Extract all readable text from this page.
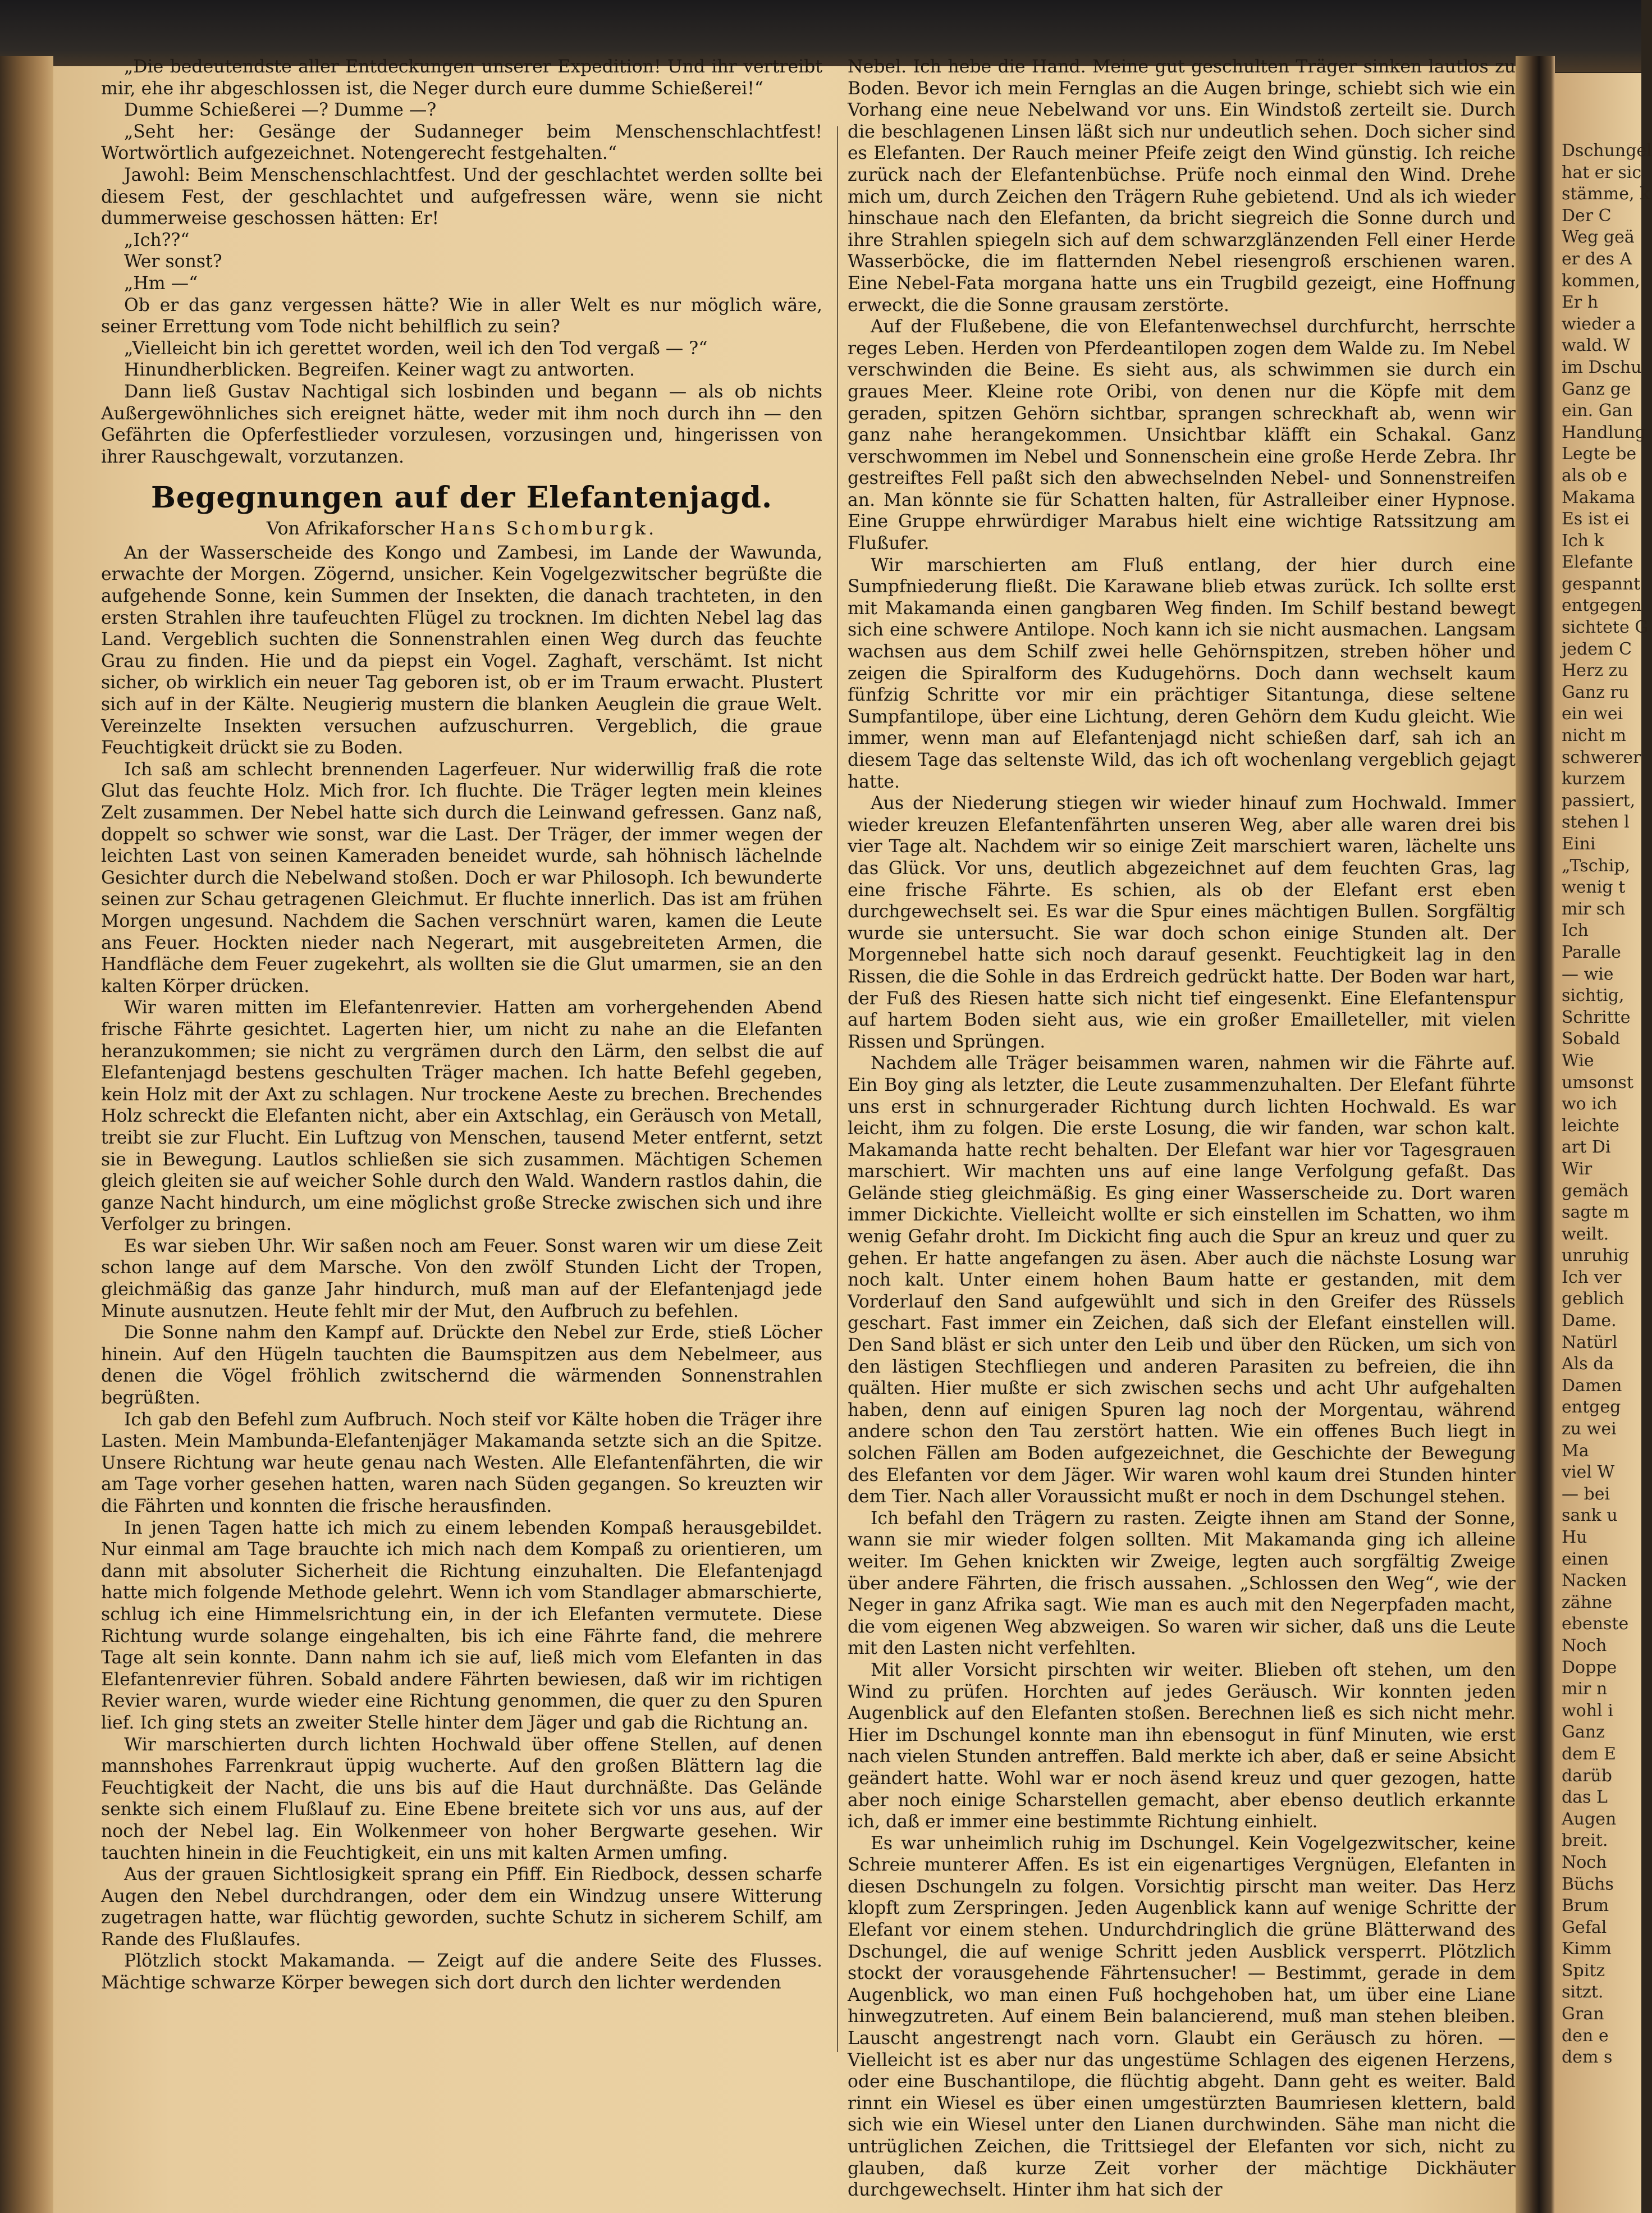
„Die bedeutendste aller Entdeckungen unserer Expedition! Und ihr vertreibt mir, ehe ihr abgeschlossen ist, die Neger durch eure dumme Schießerei!“

Dumme Schießerei —? Dumme —?

„Seht her: Gesänge der Sudanneger beim Menschenschlachtfest! Wortwörtlich aufgezeichnet. Notengerecht festgehalten.“

Jawohl: Beim Menschenschlachtfest. Und der geschlachtet werden sollte bei diesem Fest, der geschlachtet und aufgefressen wäre, wenn sie nicht dummerweise geschossen hätten: Er!

„Ich??“

Wer sonst?

„Hm —“

Ob er das ganz vergessen hätte? Wie in aller Welt es nur möglich wäre, seiner Errettung vom Tode nicht behilflich zu sein?

„Vielleicht bin ich gerettet worden, weil ich den Tod vergaß — ?“

Hinundherblicken. Begreifen. Keiner wagt zu antworten.

Dann ließ Gustav Nachtigal sich losbinden und begann — als ob nichts Außergewöhnliches sich ereignet hätte, weder mit ihm noch durch ihn — den Gefährten die Opferfestlieder vorzulesen, vorzusingen und, hingerissen von ihrer Rauschgewalt, vorzutanzen.

Begegnungen auf der Elefantenjagd.

Von Afrikaforscher Hans Schomburgk.

An der Wasserscheide des Kongo und Zambesi, im Lande der Wawunda, erwachte der Morgen. Zögernd, unsicher. Kein Vogelgezwitscher begrüßte die aufgehende Sonne, kein Summen der Insekten, die danach trachteten, in den ersten Strahlen ihre taufeuchten Flügel zu trocknen. Im dichten Nebel lag das Land. Vergeblich suchten die Sonnenstrahlen einen Weg durch das feuchte Grau zu finden. Hie und da piepst ein Vogel. Zaghaft, verschämt. Ist nicht sicher, ob wirklich ein neuer Tag geboren ist, ob er im Traum erwacht. Plustert sich auf in der Kälte. Neugierig mustern die blanken Aeuglein die graue Welt. Vereinzelte Insekten versuchen aufzuschurren. Vergeblich, die graue Feuchtigkeit drückt sie zu Boden.

Ich saß am schlecht brennenden Lagerfeuer. Nur widerwillig fraß die rote Glut das feuchte Holz. Mich fror. Ich fluchte. Die Träger legten mein kleines Zelt zusammen. Der Nebel hatte sich durch die Leinwand gefressen. Ganz naß, doppelt so schwer wie sonst, war die Last. Der Träger, der immer wegen der leichten Last von seinen Kameraden beneidet wurde, sah höhnisch lächelnde Gesichter durch die Nebelwand stoßen. Doch er war Philosoph. Ich bewunderte seinen zur Schau getragenen Gleichmut. Er fluchte innerlich. Das ist am frühen Morgen ungesund. Nachdem die Sachen verschnürt waren, kamen die Leute ans Feuer. Hockten nieder nach Negerart, mit ausgebreiteten Armen, die Handfläche dem Feuer zugekehrt, als wollten sie die Glut umarmen, sie an den kalten Körper drücken.

Wir waren mitten im Elefantenrevier. Hatten am vorhergehenden Abend frische Fährte gesichtet. Lagerten hier, um nicht zu nahe an die Elefanten heranzukommen; sie nicht zu vergrämen durch den Lärm, den selbst die auf Elefantenjagd bestens geschulten Träger machen. Ich hatte Befehl gegeben, kein Holz mit der Axt zu schlagen. Nur trockene Aeste zu brechen. Brechendes Holz schreckt die Elefanten nicht, aber ein Axtschlag, ein Geräusch von Metall, treibt sie zur Flucht. Ein Luftzug von Menschen, tausend Meter entfernt, setzt sie in Bewegung. Lautlos schließen sie sich zusammen. Mächtigen Schemen gleich gleiten sie auf weicher Sohle durch den Wald. Wandern rastlos dahin, die ganze Nacht hindurch, um eine möglichst große Strecke zwischen sich und ihre Verfolger zu bringen.

Es war sieben Uhr. Wir saßen noch am Feuer. Sonst waren wir um diese Zeit schon lange auf dem Marsche. Von den zwölf Stunden Licht der Tropen, gleichmäßig das ganze Jahr hindurch, muß man auf der Elefantenjagd jede Minute ausnutzen. Heute fehlt mir der Mut, den Aufbruch zu befehlen.

Die Sonne nahm den Kampf auf. Drückte den Nebel zur Erde, stieß Löcher hinein. Auf den Hügeln tauchten die Baumspitzen aus dem Nebelmeer, aus denen die Vögel fröhlich zwitschernd die wärmenden Sonnenstrahlen begrüßten.

Ich gab den Befehl zum Aufbruch. Noch steif vor Kälte hoben die Träger ihre Lasten. Mein Mambunda-Elefantenjäger Makamanda setzte sich an die Spitze. Unsere Richtung war heute genau nach Westen. Alle Elefantenfährten, die wir am Tage vorher gesehen hatten, waren nach Süden gegangen. So kreuzten wir die Fährten und konnten die frische herausfinden.

In jenen Tagen hatte ich mich zu einem lebenden Kompaß herausgebildet. Nur einmal am Tage brauchte ich mich nach dem Kompaß zu orientieren, um dann mit absoluter Sicherheit die Richtung einzuhalten. Die Elefantenjagd hatte mich folgende Methode gelehrt. Wenn ich vom Standlager abmarschierte, schlug ich eine Himmelsrichtung ein, in der ich Elefanten vermutete. Diese Richtung wurde solange eingehalten, bis ich eine Fährte fand, die mehrere Tage alt sein konnte. Dann nahm ich sie auf, ließ mich vom Elefanten in das Elefantenrevier führen. Sobald andere Fährten bewiesen, daß wir im richtigen Revier waren, wurde wieder eine Richtung genommen, die quer zu den Spuren lief. Ich ging stets an zweiter Stelle hinter dem Jäger und gab die Richtung an.

Wir marschierten durch lichten Hochwald über offene Stellen, auf denen mannshohes Farrenkraut üppig wucherte. Auf den großen Blättern lag die Feuchtigkeit der Nacht, die uns bis auf die Haut durchnäßte. Das Gelände senkte sich einem Flußlauf zu. Eine Ebene breitete sich vor uns aus, auf der noch der Nebel lag. Ein Wolkenmeer von hoher Bergwarte gesehen. Wir tauchten hinein in die Feuchtigkeit, ein uns mit kalten Armen umfing.

Aus der grauen Sichtlosigkeit sprang ein Pfiff. Ein Riedbock, dessen scharfe Augen den Nebel durchdrangen, oder dem ein Windzug unsere Witterung zugetragen hatte, war flüchtig geworden, suchte Schutz in sicherem Schilf, am Rande des Flußlaufes.

Plötzlich stockt Makamanda. — Zeigt auf die andere Seite des Flusses. Mächtige schwarze Körper bewegen sich dort durch den lichter werdenden

Nebel. Ich hebe die Hand. Meine gut geschulten Träger sinken lautlos zu Boden. Bevor ich mein Fernglas an die Augen bringe, schiebt sich wie ein Vorhang eine neue Nebelwand vor uns. Ein Windstoß zerteilt sie. Durch die beschlagenen Linsen läßt sich nur undeutlich sehen. Doch sicher sind es Elefanten. Der Rauch meiner Pfeife zeigt den Wind günstig. Ich reiche zurück nach der Elefantenbüchse. Prüfe noch einmal den Wind. Drehe mich um, durch Zeichen den Trägern Ruhe gebietend. Und als ich wieder hinschaue nach den Elefanten, da bricht siegreich die Sonne durch und ihre Strahlen spiegeln sich auf dem schwarzglänzenden Fell einer Herde Wasserböcke, die im flatternden Nebel riesengroß erschienen waren. Eine Nebel-Fata morgana hatte uns ein Trugbild gezeigt, eine Hoffnung erweckt, die die Sonne grausam zerstörte.

Auf der Flußebene, die von Elefantenwechsel durchfurcht, herrschte reges Leben. Herden von Pferdeantilopen zogen dem Walde zu. Im Nebel verschwinden die Beine. Es sieht aus, als schwimmen sie durch ein graues Meer. Kleine rote Oribi, von denen nur die Köpfe mit dem geraden, spitzen Gehörn sichtbar, sprangen schreckhaft ab, wenn wir ganz nahe herangekommen. Unsichtbar kläfft ein Schakal. Ganz verschwommen im Nebel und Sonnenschein eine große Herde Zebra. Ihr gestreiftes Fell paßt sich den abwechselnden Nebel- und Sonnenstreifen an. Man könnte sie für Schatten halten, für Astralleiber einer Hypnose. Eine Gruppe ehrwürdiger Marabus hielt eine wichtige Ratssitzung am Flußufer.

Wir marschierten am Fluß entlang, der hier durch eine Sumpfniederung fließt. Die Karawane blieb etwas zurück. Ich sollte erst mit Makamanda einen gangbaren Weg finden. Im Schilf bestand bewegt sich eine schwere Antilope. Noch kann ich sie nicht ausmachen. Langsam wachsen aus dem Schilf zwei helle Gehörnspitzen, streben höher und zeigen die Spiralform des Kudugehörns. Doch dann wechselt kaum fünfzig Schritte vor mir ein prächtiger Sitantunga, diese seltene Sumpfantilope, über eine Lichtung, deren Gehörn dem Kudu gleicht. Wie immer, wenn man auf Elefantenjagd nicht schießen darf, sah ich an diesem Tage das seltenste Wild, das ich oft wochenlang vergeblich gejagt hatte.

Aus der Niederung stiegen wir wieder hinauf zum Hochwald. Immer wieder kreuzen Elefantenfährten unseren Weg, aber alle waren drei bis vier Tage alt. Nachdem wir so einige Zeit marschiert waren, lächelte uns das Glück. Vor uns, deutlich abgezeichnet auf dem feuchten Gras, lag eine frische Fährte. Es schien, als ob der Elefant erst eben durchgewechselt sei. Es war die Spur eines mächtigen Bullen. Sorgfältig wurde sie untersucht. Sie war doch schon einige Stunden alt. Der Morgennebel hatte sich noch darauf gesenkt. Feuchtigkeit lag in den Rissen, die die Sohle in das Erdreich gedrückt hatte. Der Boden war hart, der Fuß des Riesen hatte sich nicht tief eingesenkt. Eine Elefantenspur auf hartem Boden sieht aus, wie ein großer Emailleteller, mit vielen Rissen und Sprüngen.

Nachdem alle Träger beisammen waren, nahmen wir die Fährte auf. Ein Boy ging als letzter, die Leute zusammenzuhalten. Der Elefant führte uns erst in schnurgerader Richtung durch lichten Hochwald. Es war leicht, ihm zu folgen. Die erste Losung, die wir fanden, war schon kalt. Makamanda hatte recht behalten. Der Elefant war hier vor Tagesgrauen marschiert. Wir machten uns auf eine lange Verfolgung gefaßt. Das Gelände stieg gleichmäßig. Es ging einer Wasserscheide zu. Dort waren immer Dickichte. Vielleicht wollte er sich einstellen im Schatten, wo ihm wenig Gefahr droht. Im Dickicht fing auch die Spur an kreuz und quer zu gehen. Er hatte angefangen zu äsen. Aber auch die nächste Losung war noch kalt. Unter einem hohen Baum hatte er gestanden, mit dem Vorderlauf den Sand aufgewühlt und sich in den Greifer des Rüssels geschart. Fast immer ein Zeichen, daß sich der Elefant einstellen will. Den Sand bläst er sich unter den Leib und über den Rücken, um sich von den lästigen Stechfliegen und anderen Parasiten zu befreien, die ihn quälten. Hier mußte er sich zwischen sechs und acht Uhr aufgehalten haben, denn auf einigen Spuren lag noch der Morgentau, während andere schon den Tau zerstört hatten. Wie ein offenes Buch liegt in solchen Fällen am Boden aufgezeichnet, die Geschichte der Bewegung des Elefanten vor dem Jäger. Wir waren wohl kaum drei Stunden hinter dem Tier. Nach aller Voraussicht mußt er noch in dem Dschungel stehen.

Ich befahl den Trägern zu rasten. Zeigte ihnen am Stand der Sonne, wann sie mir wieder folgen sollten. Mit Makamanda ging ich alleine weiter. Im Gehen knickten wir Zweige, legten auch sorgfältig Zweige über andere Fährten, die frisch aussahen. „Schlossen den Weg“, wie der Neger in ganz Afrika sagt. Wie man es auch mit den Negerpfaden macht, die vom eigenen Weg abzweigen. So waren wir sicher, daß uns die Leute mit den Lasten nicht verfehlten.

Mit aller Vorsicht pirschten wir weiter. Blieben oft stehen, um den Wind zu prüfen. Horchten auf jedes Geräusch. Wir konnten jeden Augenblick auf den Elefanten stoßen. Berechnen ließ es sich nicht mehr. Hier im Dschungel konnte man ihn ebensogut in fünf Minuten, wie erst nach vielen Stunden antreffen. Bald merkte ich aber, daß er seine Absicht geändert hatte. Wohl war er noch äsend kreuz und quer gezogen, hatte aber noch einige Scharstellen gemacht, aber ebenso deutlich erkannte ich, daß er immer eine bestimmte Richtung einhielt.

Es war unheimlich ruhig im Dschungel. Kein Vogelgezwitscher, keine Schreie munterer Affen. Es ist ein eigenartiges Vergnügen, Elefanten in diesen Dschungeln zu folgen. Vorsichtig pirscht man weiter. Das Herz klopft zum Zerspringen. Jeden Augenblick kann auf wenige Schritte der Elefant vor einem stehen. Undurchdringlich die grüne Blätterwand des Dschungel, die auf wenige Schritt jeden Ausblick versperrt. Plötzlich stockt der vorausgehende Fährtensucher! — Bestimmt, gerade in dem Augenblick, wo man einen Fuß hochgehoben hat, um über eine Liane hinwegzutreten. Auf einem Bein balancierend, muß man stehen bleiben. Lauscht angestrengt nach vorn. Glaubt ein Geräusch zu hören. — Vielleicht ist es aber nur das ungestüme Schlagen des eigenen Herzens, oder eine Buschantilope, die flüchtig abgeht. Dann geht es weiter. Bald rinnt ein Wiesel es über einen umgestürzten Baumriesen klettern, bald sich wie ein Wiesel unter den Lianen durchwinden. Sähe man nicht die untrüglichen Zeichen, die Trittsiegel der Elefanten vor sich, nicht zu glauben, daß kurze Zeit vorher der mächtige Dickhäuter durchgewechselt. Hinter ihm hat sich der

Dschungel
hat er sic
stämme, k
Der C
Weg geä
er des A
kommen,
Er h
wieder a
wald. W
im Dschu
Ganz ge
ein. Gan
Handlung
Legte be
als ob e
Makama
Es ist ei
Ich k
Elefante
gespannt
entgegen
sichtete G
jedem C
Herz zu
Ganz ru
ein wei
nicht m
schwerer
kurzem
passiert,
stehen l
Eini
„Tschip,
wenig t
mir sch
Ich
Paralle
— wie
sichtig,
Schritte
Sobald
Wie
umsonst
wo ich
leichte
art Di
Wir
gemäch
sagte m
weilt.
unruhig
Ich ver
geblich
Dame.
Natürl
Als da
Damen
entgeg
zu wei
Ma
viel W
— bei
sank u
Hu
einen
Nacken
zähne
ebenste
Noch
Doppe
mir n
wohl i
Ganz
dem E
darüb
das L
Augen
breit.
Noch
Büchs
Brum
Gefal
Kimm
Spitz
sitzt.
Gran
den e
dem s
